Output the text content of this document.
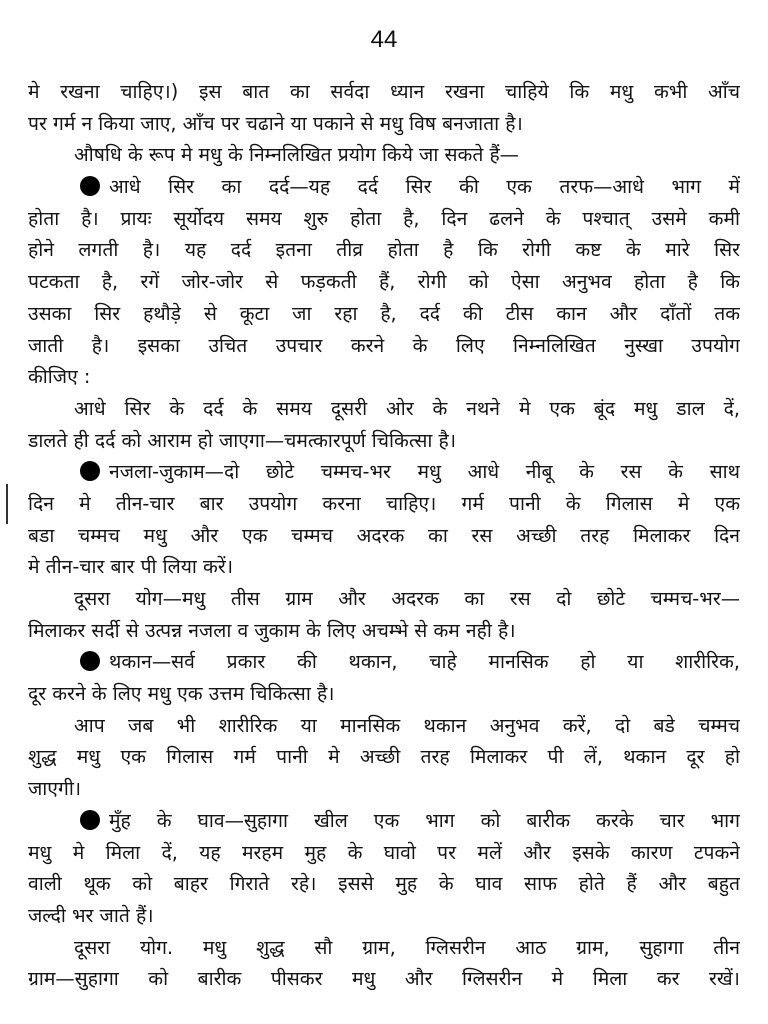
44
मे रखना चाहिए।) इस बात का सर्वदा ध्यान रखना चाहिये कि मधु कभी आँच
पर गर्म न किया जाए, आँच पर चढाने या पकाने से मधु विष बनजाता है।
औषधि के रूप मे मधु के निम्नलिखित प्रयोग किये जा सकते हैं—
आधे सिर का दर्द—यह दर्द सिर की एक तरफ—आधे भाग में
होता है। प्रायः सूर्योदय समय शुरु होता है, दिन ढलने के पश्चात् उसमे कमी
होने लगती है। यह दर्द इतना तीव्र होता है कि रोगी कष्ट के मारे सिर
पटकता है, रगें जोर-जोर से फड़कती हैं, रोगी को ऐसा अनुभव होता है कि
उसका सिर हथौड़े से कूटा जा रहा है, दर्द की टीस कान और दाँतों तक
जाती है। इसका उचित उपचार करने के लिए निम्नलिखित नुस्खा उपयोग
कीजिए :
आधे सिर के दर्द के समय दूसरी ओर के नथने मे एक बूंद मधु डाल दें,
डालते ही दर्द को आराम हो जाएगा—चमत्कारपूर्ण चिकित्सा है।
नजला-जुकाम—दो छोटे चम्मच-भर मधु आधे नीबू के रस के साथ
दिन मे तीन-चार बार उपयोग करना चाहिए। गर्म पानी के गिलास मे एक
बडा चम्मच मधु और एक चम्मच अदरक का रस अच्छी तरह मिलाकर दिन
मे तीन-चार बार पी लिया करें।
दूसरा योग—मधु तीस ग्राम और अदरक का रस दो छोटे चम्मच-भर—
मिलाकर सर्दी से उत्पन्न नजला व जुकाम के लिए अचम्भे से कम नही है।
थकान—सर्व प्रकार की थकान, चाहे मानसिक हो या शारीरिक,
दूर करने के लिए मधु एक उत्तम चिकित्सा है।
आप जब भी शारीरिक या मानसिक थकान अनुभव करें, दो बडे चम्मच
शुद्ध मधु एक गिलास गर्म पानी मे अच्छी तरह मिलाकर पी लें, थकान दूर हो
जाएगी।
मुँह के घाव—सुहागा खील एक भाग को बारीक करके चार भाग
मधु मे मिला दें, यह मरहम मुह के घावो पर मलें और इसके कारण टपकने
वाली थूक को बाहर गिराते रहे। इससे मुह के घाव साफ होते हैं और बहुत
जल्दी भर जाते हैं।
दूसरा योग. मधु शुद्ध सौ ग्राम, ग्लिसरीन आठ ग्राम, सुहागा तीन
ग्राम—सुहागा को बारीक पीसकर मधु और ग्लिसरीन मे मिला कर रखें।
